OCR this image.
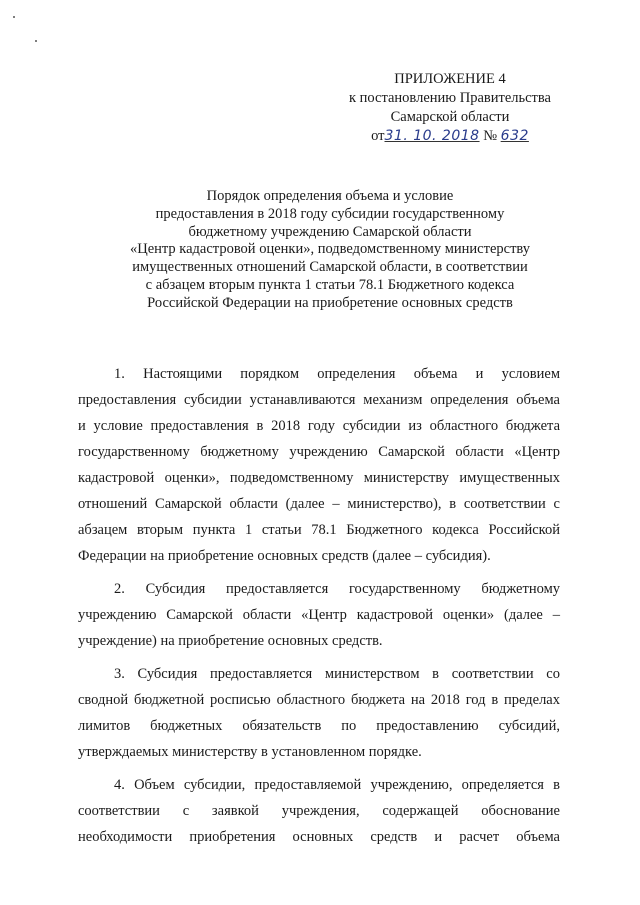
ПРИЛОЖЕНИЕ 4
к постановлению Правительства
Самарской области
от31. 10. 2018 № 632
Порядок определения объема и условие
предоставления в 2018 году субсидии государственному
бюджетному учреждению Самарской области
«Центр кадастровой оценки», подведомственному министерству
имущественных отношений Самарской области, в соответствии
с абзацем вторым пункта 1 статьи 78.1 Бюджетного кодекса
Российской Федерации на приобретение основных средств
1. Настоящими порядком определения объема и условием
предоставления субсидии устанавливаются механизм определения объема
и условие предоставления в 2018 году субсидии из областного бюджета
государственному бюджетному учреждению Самарской области «Центр
кадастровой оценки», подведомственному министерству имущественных
отношений Самарской области (далее – министерство), в соответствии с
абзацем вторым пункта 1 статьи 78.1 Бюджетного кодекса Российской
Федерации на приобретение основных средств (далее – субсидия).
2. Субсидия предоставляется государственному бюджетному
учреждению Самарской области «Центр кадастровой оценки» (далее –
учреждение) на приобретение основных средств.
3. Субсидия предоставляется министерством в соответствии со
сводной бюджетной росписью областного бюджета на 2018 год в пределах
лимитов бюджетных обязательств по предоставлению субсидий,
утверждаемых министерству в установленном порядке.
4. Объем субсидии, предоставляемой учреждению, определяется в
соответствии с заявкой учреждения, содержащей обоснование
необходимости приобретения основных средств и расчет объема
